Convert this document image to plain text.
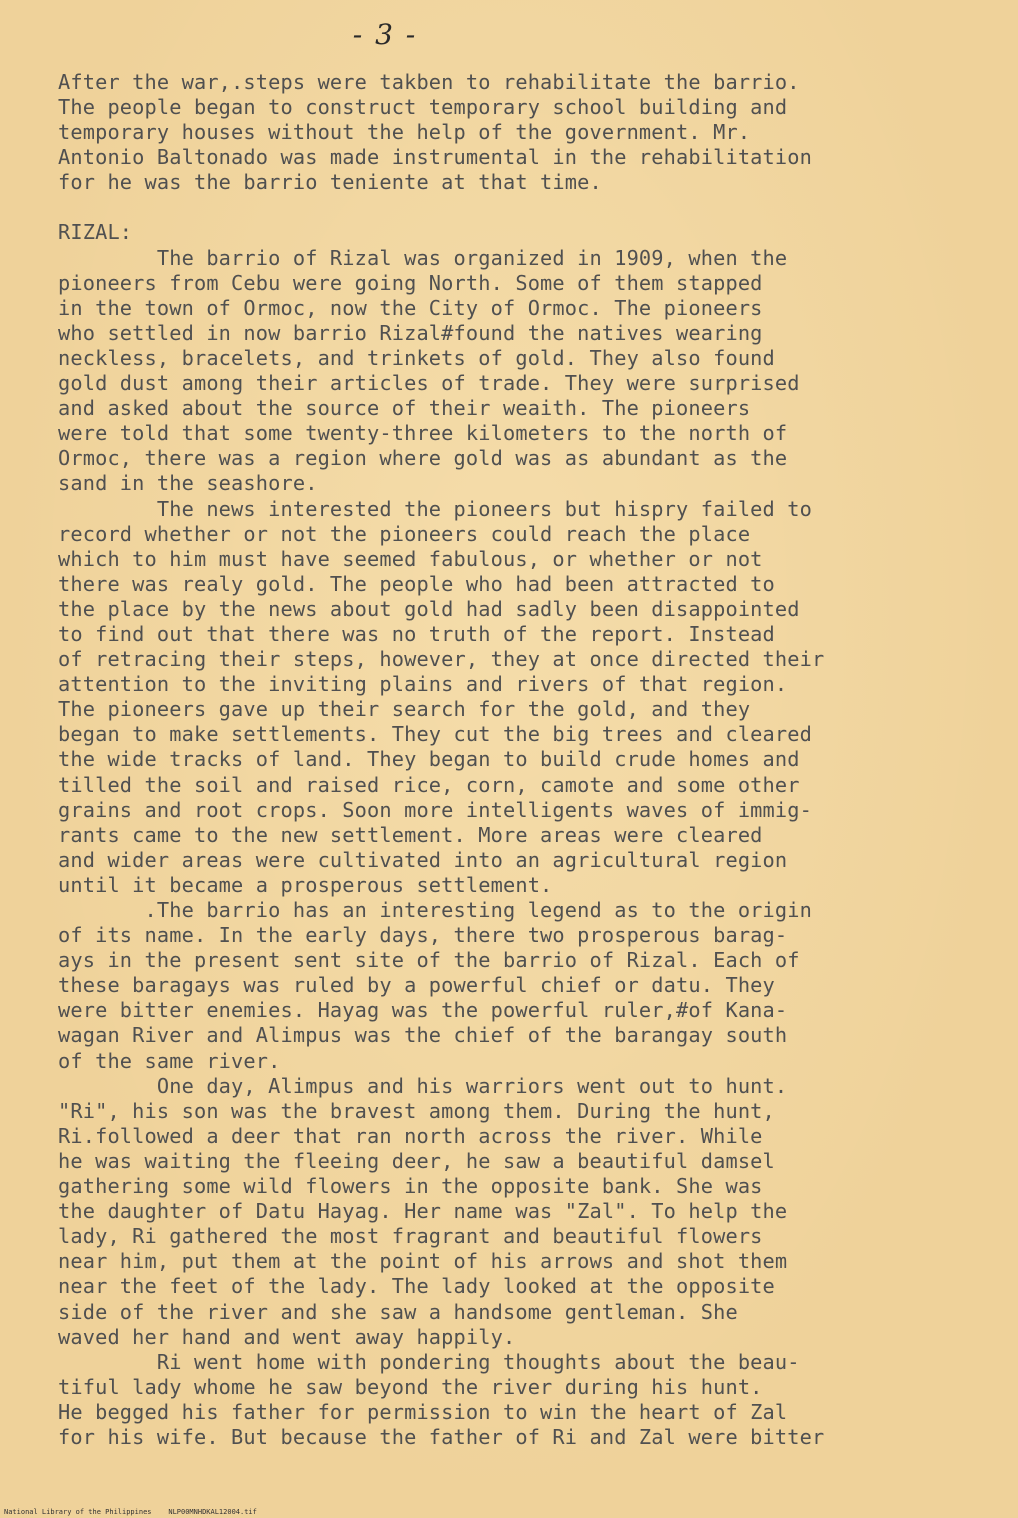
- 3 -
After the war,.steps were takben to rehabilitate the barrio.
The people began to construct temporary school building and
temporary houses without the help of the government. Mr.
Antonio Baltonado was made instrumental in the rehabilitation
for he was the barrio teniente at that time.
RIZAL:
The barrio of Rizal was organized in 1909, when the
pioneers from Cebu were going North. Some of them stapped
in the town of Ormoc, now the City of Ormoc. The pioneers
who settled in now barrio Rizal#found the natives wearing
neckless, bracelets, and trinkets of gold. They also found
gold dust among their articles of trade. They were surprised
and asked about the source of their weaith. The pioneers
were told that some twenty-three kilometers to the north of
Ormoc, there was a region where gold was as abundant as the
sand in the seashore.
The news interested the pioneers but hispry failed to
record whether or not the pioneers could reach the place
which to him must have seemed fabulous, or whether or not
there was realy gold. The people who had been attracted to
the place by the news about gold had sadly been disappointed
to find out that there was no truth of the report. Instead
of retracing their steps, however, they at once directed their
attention to the inviting plains and rivers of that region.
The pioneers gave up their search for the gold, and they
began to make settlements. They cut the big trees and cleared
the wide tracks of land. They began to build crude homes and
tilled the soil and raised rice, corn, camote and some other
grains and root crops. Soon more intelligents waves of immig-
rants came to the new settlement. More areas were cleared
and wider areas were cultivated into an agricultural region
until it became a prosperous settlement.
.The barrio has an interesting legend as to the origin
of its name. In the early days, there two prosperous barag-
ays in the present sent site of the barrio of Rizal. Each of
these baragays was ruled by a powerful chief or datu. They
were bitter enemies. Hayag was the powerful ruler,#of Kana-
wagan River and Alimpus was the chief of the barangay south
of the same river.
One day, Alimpus and his warriors went out to hunt.
"Ri", his son was the bravest among them. During the hunt,
Ri.followed a deer that ran north across the river. While
he was waiting the fleeing deer, he saw a beautiful damsel
gathering some wild flowers in the opposite bank. She was
the daughter of Datu Hayag. Her name was "Zal". To help the
lady, Ri gathered the most fragrant and beautiful flowers
near him, put them at the point of his arrows and shot them
near the feet of the lady. The lady looked at the opposite
side of the river and she saw a handsome gentleman. She
waved her hand and went away happily.
Ri went home with pondering thoughts about the beau-
tiful lady whome he saw beyond the river during his hunt.
He begged his father for permission to win the heart of Zal
for his wife. But because the father of Ri and Zal were bitter
National Library of the Philippines    NLP00MNHDKAL12004.tif
